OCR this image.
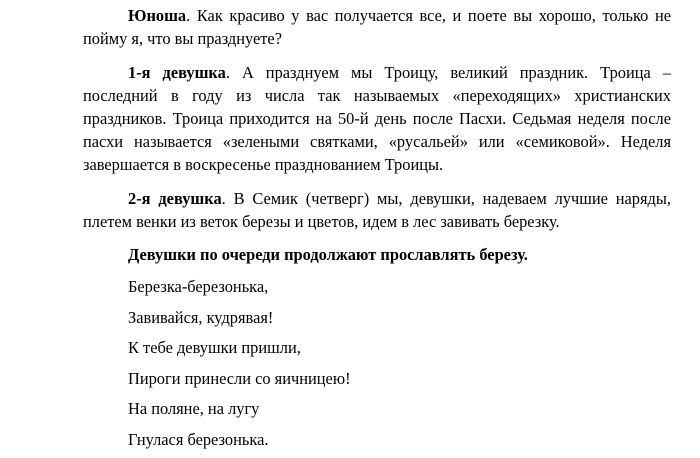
Юноша. Как красиво у вас получается все, и поете вы хорошо, только не пойму я, что вы празднуете?

1-я девушка. А празднуем мы Троицу, великий праздник. Троица – последний в году из числа так называемых «переходящих» христианских праздников. Троица приходится на 50-й день после Пасхи. Седьмая неделя после пасхи называется «зелеными святками, «русальей» или «семиковой». Неделя завершается в воскресенье празднованием Троицы.

2-я девушка. В Семик (четверг) мы, девушки, надеваем лучшие наряды, плетем венки из веток березы и цветов, идем в лес завивать березку.

Девушки по очереди продолжают прославлять березу.

Березка-березонька,

Завивайся, кудрявая!

К тебе девушки пришли,

Пироги принесли со яичницею!

На поляне, на лугу

Гнулася березонька.
